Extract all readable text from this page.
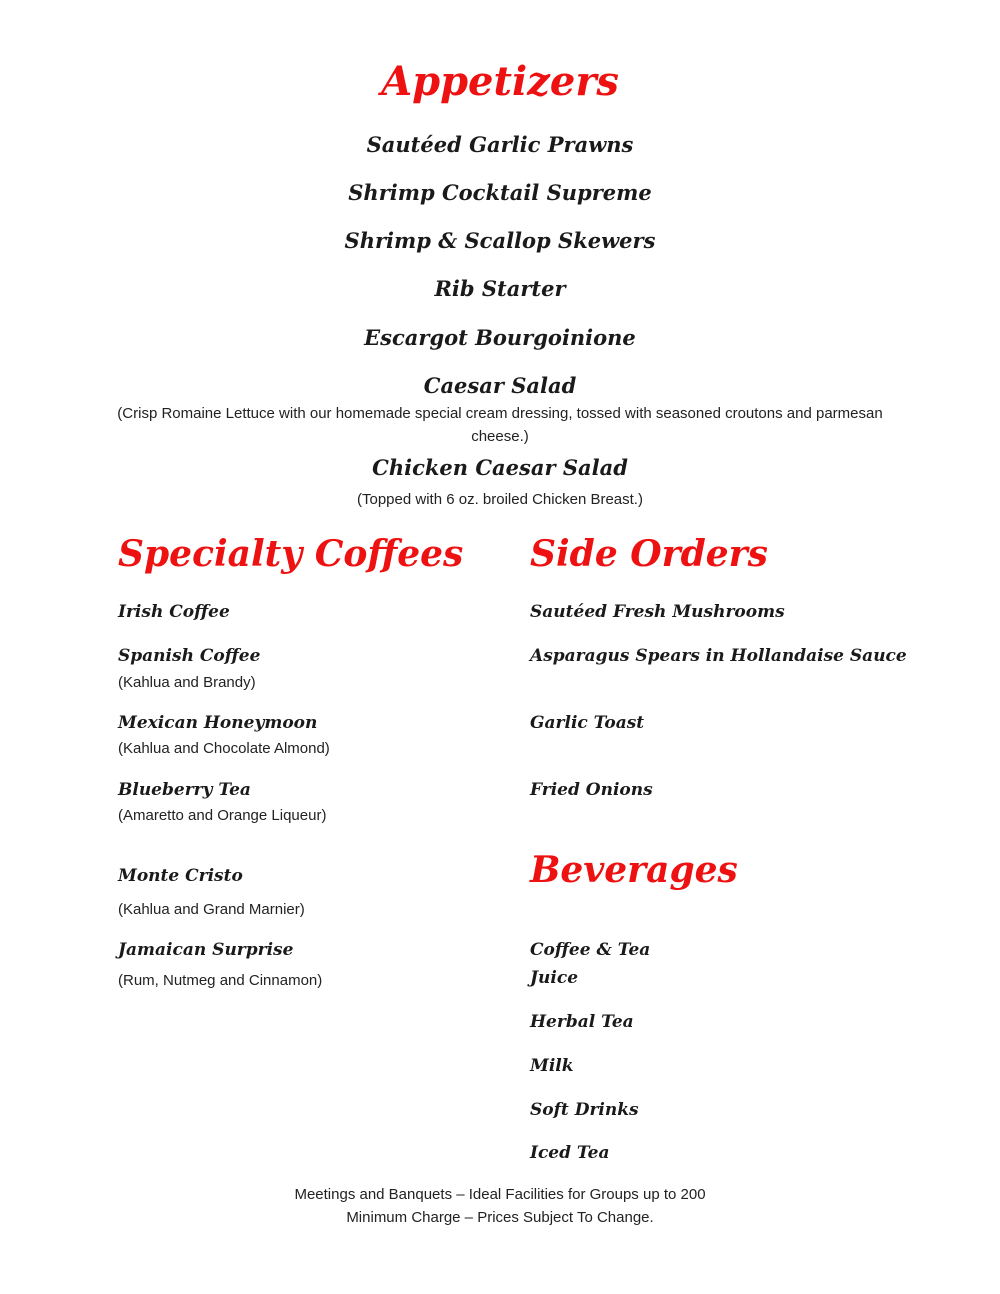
Appetizers
Sautéed Garlic Prawns
Shrimp Cocktail Supreme
Shrimp & Scallop Skewers
Rib Starter
Escargot Bourgoinione
Caesar Salad
(Crisp Romaine Lettuce with our homemade special cream dressing, tossed with seasoned croutons and parmesan
cheese.)
Chicken Caesar Salad
(Topped with 6 oz. broiled Chicken Breast.)
Specialty Coffees
Irish Coffee
Spanish Coffee
(Kahlua and Brandy)
Mexican Honeymoon
(Kahlua and Chocolate Almond)
Blueberry Tea
(Amaretto and Orange Liqueur)
Monte Cristo
(Kahlua and Grand Marnier)
Jamaican Surprise
(Rum, Nutmeg and Cinnamon)
Side Orders
Sautéed Fresh Mushrooms
Asparagus Spears in Hollandaise Sauce
Garlic Toast
Fried Onions
Beverages
Coffee & Tea
Juice
Herbal Tea
Milk
Soft Drinks
Iced Tea
Meetings and Banquets – Ideal Facilities for Groups up to 200
Minimum Charge – Prices Subject To Change.
